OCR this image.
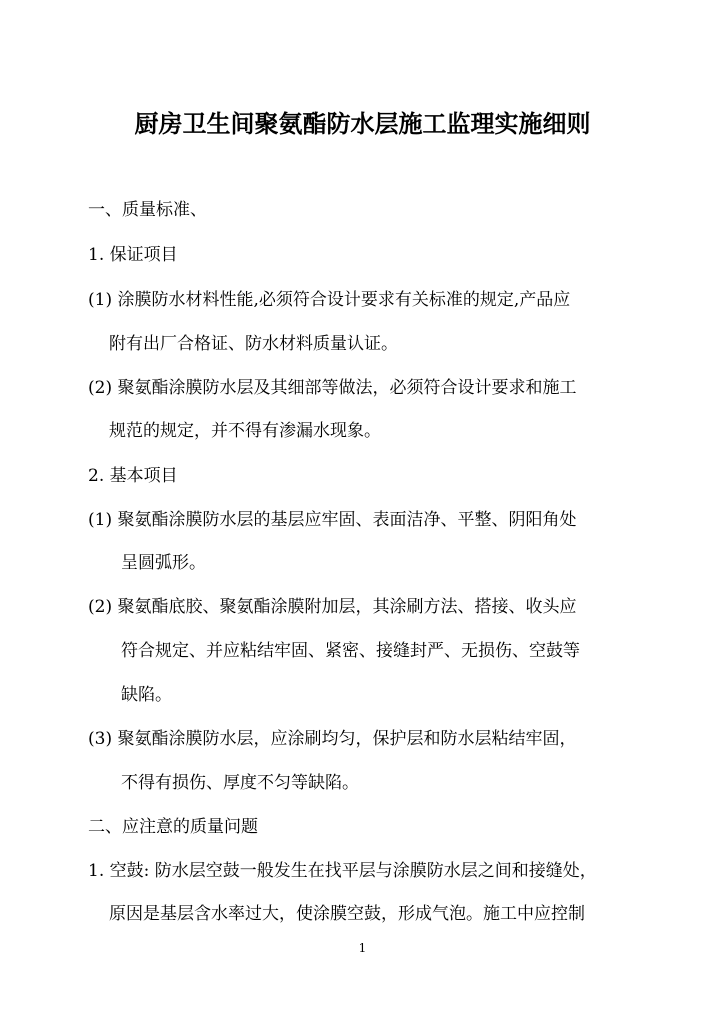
厨房卫生间聚氨酯防水层施工监理实施细则
一、质量标准、
1. 保证项目
(1) 涂膜防水材料性能,必须符合设计要求有关标准的规定,产品应
附有出厂合格证、防水材料质量认证。
(2) 聚氨酯涂膜防水层及其细部等做法，必须符合设计要求和施工
规范的规定，并不得有渗漏水现象。
2. 基本项目
(1) 聚氨酯涂膜防水层的基层应牢固、表面洁净、平整、阴阳角处
呈圆弧形。
(2) 聚氨酯底胶、聚氨酯涂膜附加层，其涂刷方法、搭接、收头应
符合规定、并应粘结牢固、紧密、接缝封严、无损伤、空鼓等
缺陷。
(3) 聚氨酯涂膜防水层，应涂刷均匀，保护层和防水层粘结牢固，
不得有损伤、厚度不匀等缺陷。
二、应注意的质量问题
1. 空鼓: 防水层空鼓一般发生在找平层与涂膜防水层之间和接缝处，
原因是基层含水率过大，使涂膜空鼓，形成气泡。施工中应控制
1
